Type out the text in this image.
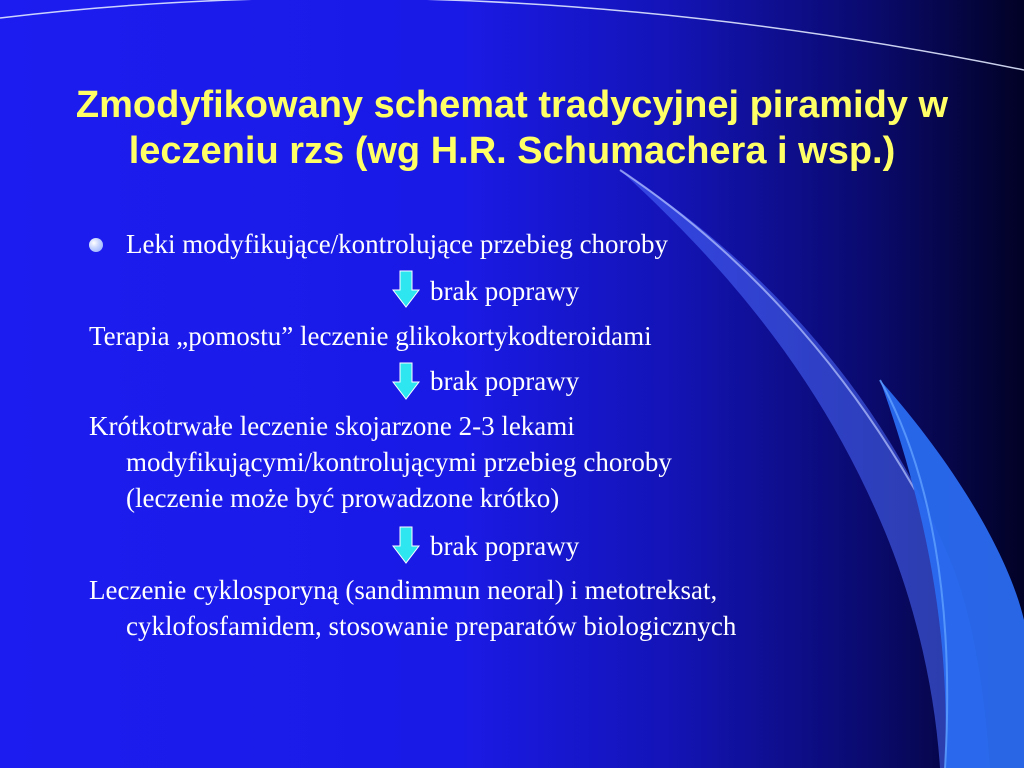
Zmodyfikowany schemat tradycyjnej piramidy w
leczeniu rzs (wg H.R. Schumachera i wsp.)
Leki modyfikujące/kontrolujące przebieg choroby
brak poprawy
Terapia „pomostu” leczenie glikokortykodteroidami
brak poprawy
Krótkotrwałe leczenie skojarzone 2-3 lekami
modyfikującymi/kontrolującymi przebieg choroby
(leczenie może być prowadzone krótko)
brak poprawy
Leczenie cyklosporyną (sandimmun neoral) i metotreksat,
cyklofosfamidem, stosowanie preparatów biologicznych
